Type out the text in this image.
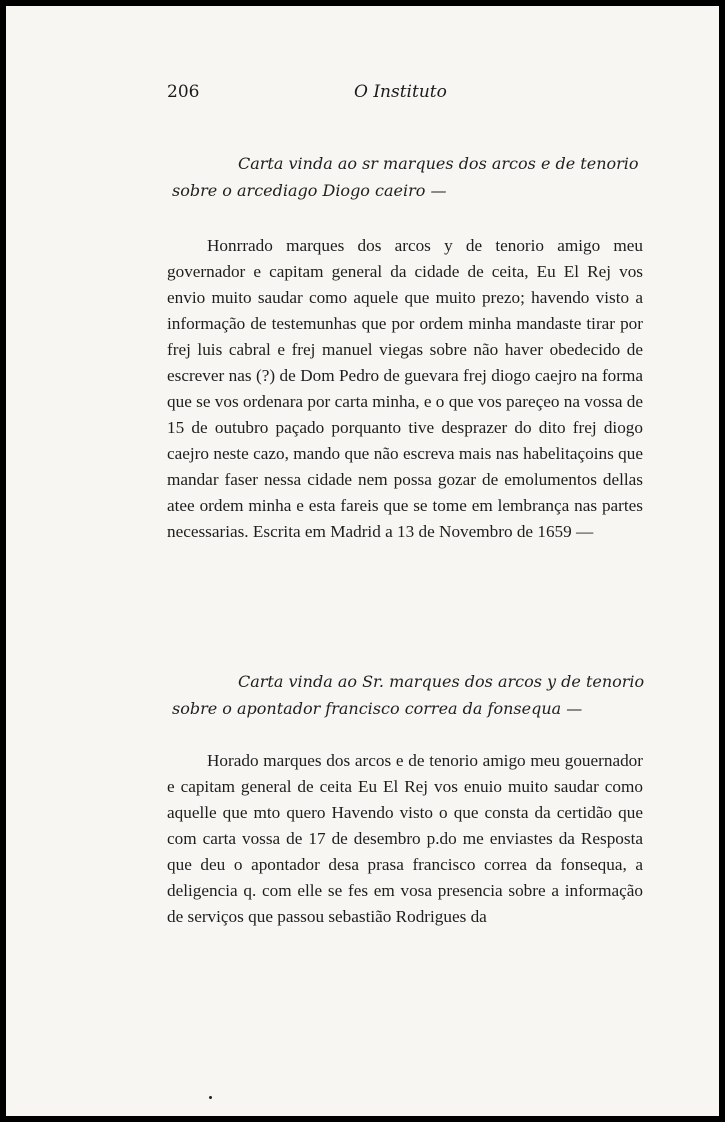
206	O Instituto
Carta vinda ao sr marques dos arcos e de tenorio
sobre o arcediago Diogo caeiro —

Honrrado marques dos arcos y de tenorio amigo meu governador e capitam general da cidade de ceita, Eu El Rej vos envio muito saudar como aquele que muito prezo; havendo visto a informação de testemunhas que por ordem minha mandaste tirar por frej luis cabral e frej manuel viegas sobre não haver obedecido de escrever nas (?) de Dom Pedro de guevara frej diogo caejro na forma que se vos ordenara por carta minha, e o que vos pareçeo na vossa de 15 de outubro paçado porquanto tive desprazer do dito frej diogo caejro neste cazo, mando que não escreva mais nas habelitaçoins que mandar faser nessa cidade nem possa gozar de emolumentos dellas atee ordem minha e esta fareis que se tome em lembrança nas partes necessarias. Escrita em Madrid a 13 de Novembro de 1659 —

Carta vinda ao Sr. marques dos arcos y de tenorio
sobre o apontador francisco correa da fonsequa —

Horado marques dos arcos e de tenorio amigo meu gouernador e capitam general de ceita Eu El Rej vos enuio muito saudar como aquelle que mto quero Havendo visto o que consta da certidão que com carta vossa de 17 de desembro p.do me enviastes da Resposta que deu o apontador desa prasa francisco correa da fonsequa, a deligencia q. com elle se fes em vosa presencia sobre a informação de serviços que passou sebastião Rodrigues da
